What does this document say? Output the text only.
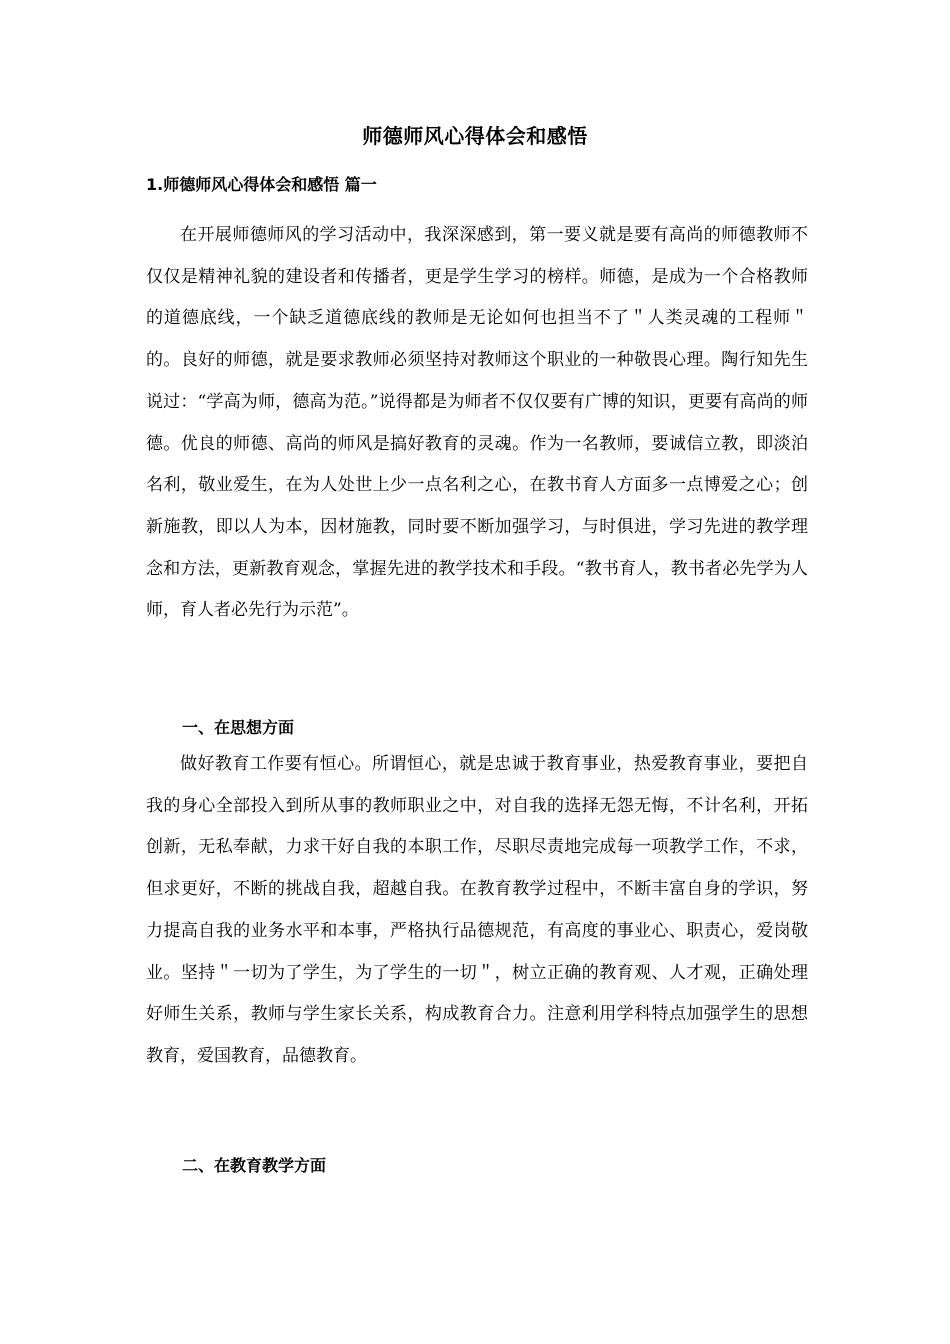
师德师风心得体会和感悟
1.师德师风心得体会和感悟 篇一

在开展师德师风的学习活动中，我深深感到，第一要义就是要有高尚的师德教师不仅仅是精神礼貌的建设者和传播者，更是学生学习的榜样。师德，是成为一个合格教师的道德底线，一个缺乏道德底线的教师是无论如何也担当不了＂人类灵魂的工程师＂的。良好的师德，就是要求教师必须坚持对教师这个职业的一种敬畏心理。陶行知先生说过：“学高为师，德高为范。”说得都是为师者不仅仅要有广博的知识，更要有高尚的师德。优良的师德、高尚的师风是搞好教育的灵魂。作为一名教师，要诚信立教，即淡泊名利，敬业爱生，在为人处世上少一点名利之心，在教书育人方面多一点博爱之心；创新施教，即以人为本，因材施教，同时要不断加强学习，与时俱进，学习先进的教学理念和方法，更新教育观念，掌握先进的教学技术和手段。“教书育人，教书者必先学为人师，育人者必先行为示范”。

一、在思想方面

做好教育工作要有恒心。所谓恒心，就是忠诚于教育事业，热爱教育事业，要把自我的身心全部投入到所从事的教师职业之中，对自我的选择无怨无悔，不计名利，开拓创新，无私奉献，力求干好自我的本职工作，尽职尽责地完成每一项教学工作，不求，但求更好，不断的挑战自我，超越自我。在教育教学过程中，不断丰富自身的学识，努力提高自我的业务水平和本事，严格执行品德规范，有高度的事业心、职责心，爱岗敬业。坚持＂一切为了学生，为了学生的一切＂，树立正确的教育观、人才观，正确处理好师生关系，教师与学生家长关系，构成教育合力。注意利用学科特点加强学生的思想教育，爱国教育，品德教育。

二、在教育教学方面
